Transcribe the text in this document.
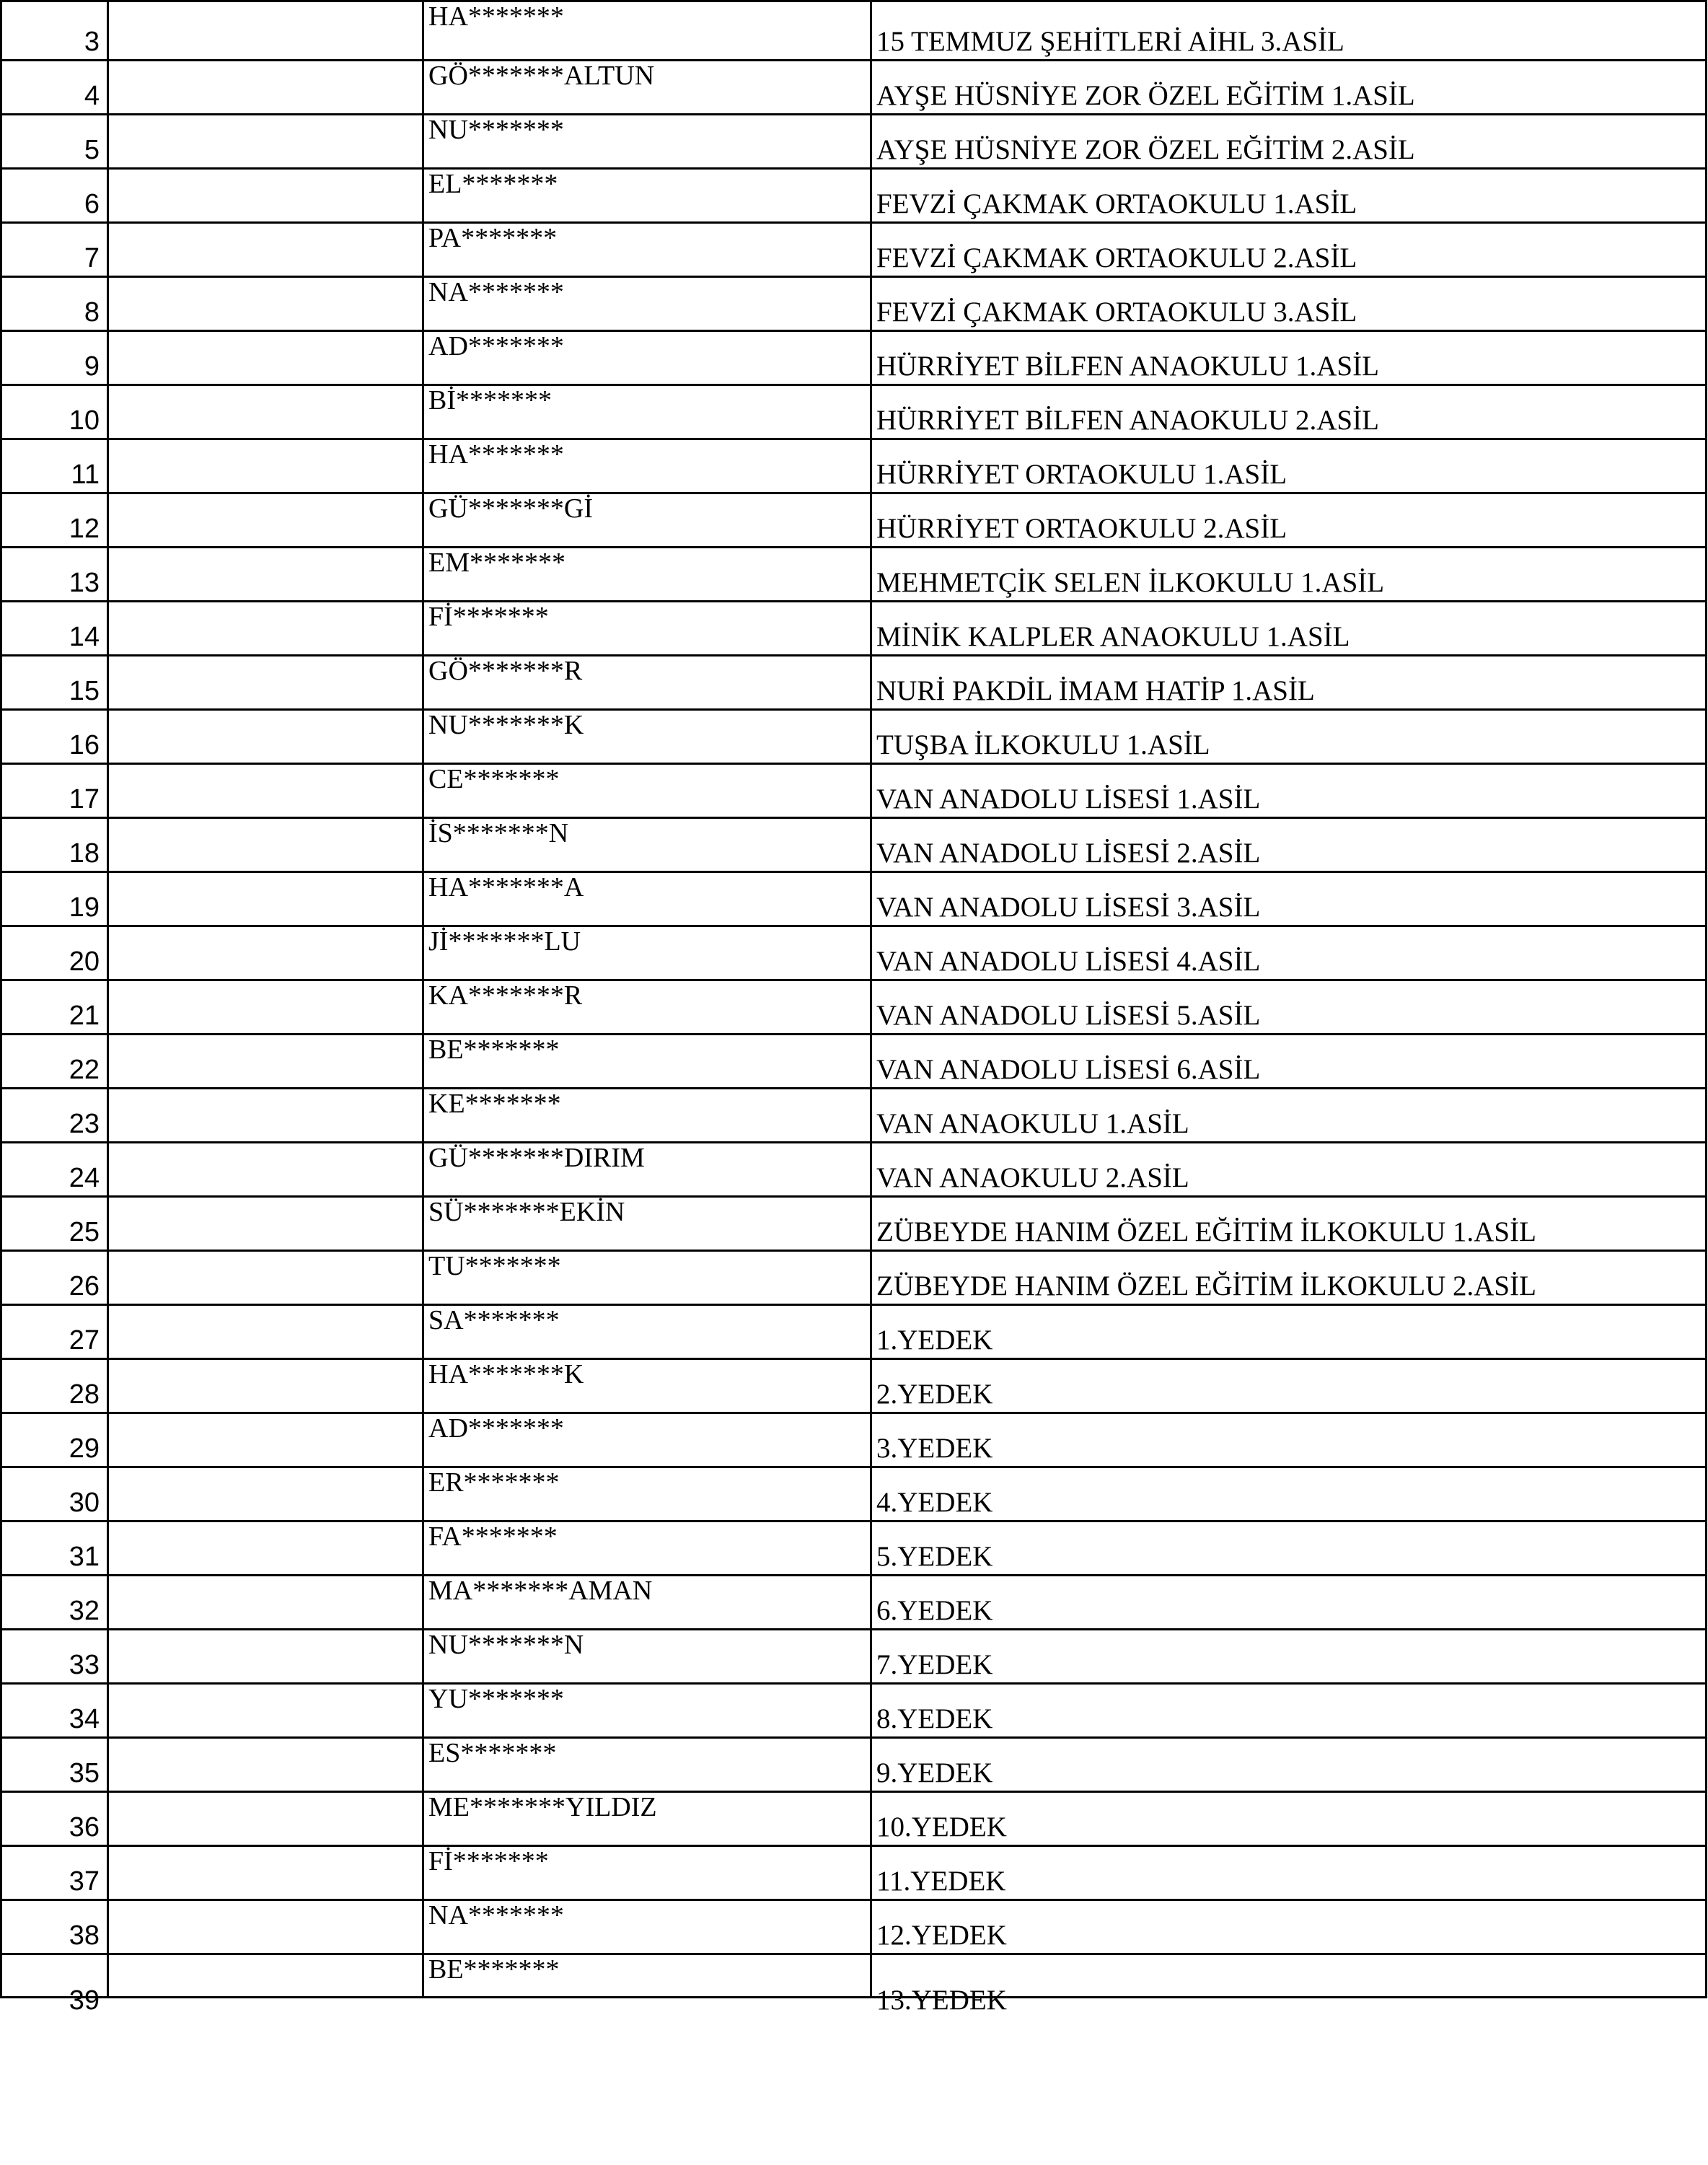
3		HA*******	15 TEMMUZ ŞEHİTLERİ AİHL 3.ASİL
4		GÖ*******ALTUN	AYŞE HÜSNİYE ZOR ÖZEL EĞİTİM 1.ASİL
5		NU*******	AYŞE HÜSNİYE ZOR ÖZEL EĞİTİM 2.ASİL
6		EL*******	FEVZİ ÇAKMAK ORTAOKULU 1.ASİL
7		PA*******	FEVZİ ÇAKMAK ORTAOKULU 2.ASİL
8		NA*******	FEVZİ ÇAKMAK ORTAOKULU 3.ASİL
9		AD*******	HÜRRİYET BİLFEN ANAOKULU 1.ASİL
10		Bİ*******	HÜRRİYET BİLFEN ANAOKULU 2.ASİL
11		HA*******	HÜRRİYET ORTAOKULU 1.ASİL
12		GÜ*******Gİ	HÜRRİYET ORTAOKULU 2.ASİL
13		EM*******	MEHMETÇİK SELEN İLKOKULU 1.ASİL
14		Fİ*******	MİNİK KALPLER ANAOKULU 1.ASİL
15		GÖ*******R	NURİ PAKDİL İMAM HATİP 1.ASİL
16		NU*******K	TUŞBA İLKOKULU 1.ASİL
17		CE*******	VAN ANADOLU LİSESİ 1.ASİL
18		İS*******N	VAN ANADOLU LİSESİ 2.ASİL
19		HA*******A	VAN ANADOLU LİSESİ 3.ASİL
20		Jİ*******LU	VAN ANADOLU LİSESİ 4.ASİL
21		KA*******R	VAN ANADOLU LİSESİ 5.ASİL
22		BE*******	VAN ANADOLU LİSESİ 6.ASİL
23		KE*******	VAN ANAOKULU 1.ASİL
24		GÜ*******DIRIM	VAN ANAOKULU 2.ASİL
25		SÜ*******EKİN	ZÜBEYDE HANIM ÖZEL EĞİTİM İLKOKULU 1.ASİL
26		TU*******	ZÜBEYDE HANIM ÖZEL EĞİTİM İLKOKULU 2.ASİL
27		SA*******	1.YEDEK
28		HA*******K	2.YEDEK
29		AD*******	3.YEDEK
30		ER*******	4.YEDEK
31		FA*******	5.YEDEK
32		MA*******AMAN	6.YEDEK
33		NU*******N	7.YEDEK
34		YU*******	8.YEDEK
35		ES*******	9.YEDEK
36		ME*******YILDIZ	10.YEDEK
37		Fİ*******	11.YEDEK
38		NA*******	12.YEDEK
39		BE*******	13.YEDEK
